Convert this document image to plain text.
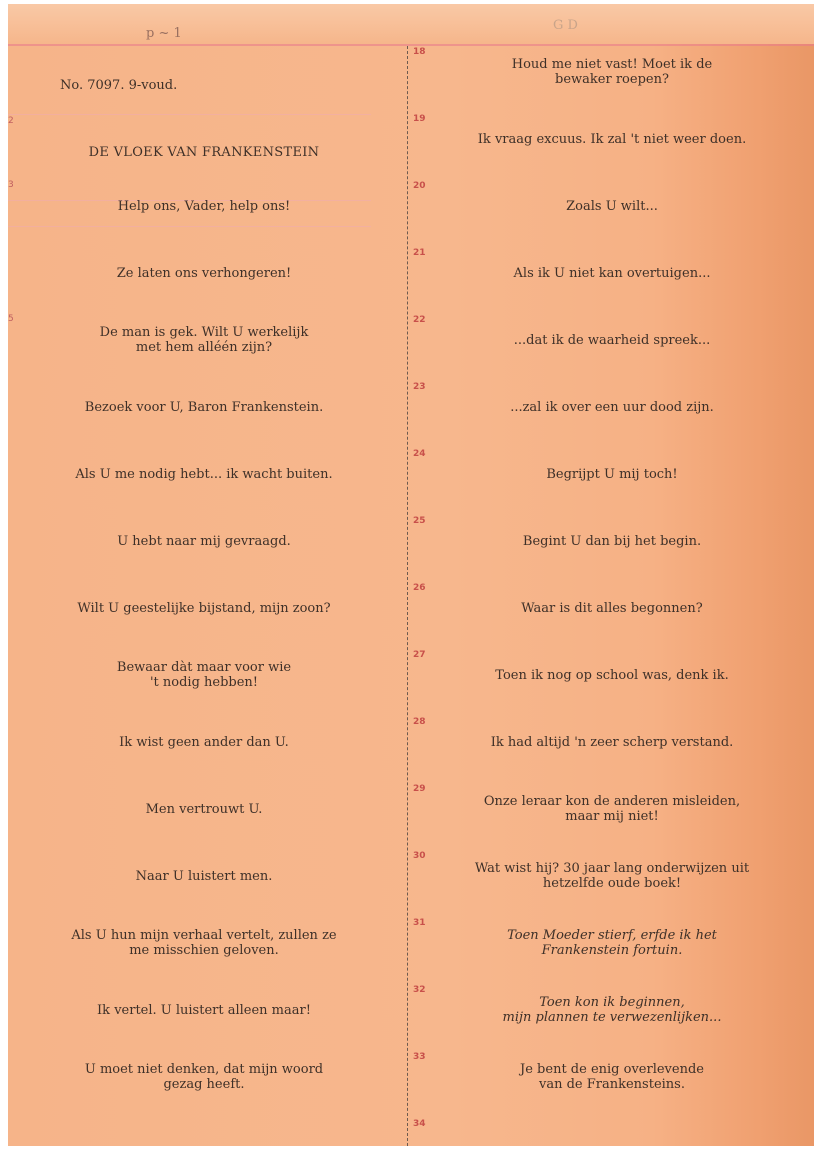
p ~ 1
G D
2
3
5
No. 7097. 9-voud.
DE VLOEK VAN FRANKENSTEIN
Help ons, Vader, help ons!
Ze laten ons verhongeren!
De man is gek. Wilt U werkelijk
met hem alléén zijn?
Bezoek voor U, Baron Frankenstein.
Als U me nodig hebt... ik wacht buiten.
U hebt naar mij gevraagd.
Wilt U geestelijke bijstand, mijn zoon?
Bewaar dàt maar voor wie
't nodig hebben!
Ik wist geen ander dan U.
Men vertrouwt U.
Naar U luistert men.
Als U hun mijn verhaal vertelt, zullen ze
me misschien geloven.
Ik vertel. U luistert alleen maar!
U moet niet denken, dat mijn woord
gezag heeft.
Houd me niet vast! Moet ik de
bewaker roepen?
Ik vraag excuus. Ik zal 't niet weer doen.
Zoals U wilt...
Als ik U niet kan overtuigen...
...dat ik de waarheid spreek...
...zal ik over een uur dood zijn.
Begrijpt U mij toch!
Begint U dan bij het begin.
Waar is dit alles begonnen?
Toen ik nog op school was, denk ik.
Ik had altijd 'n zeer scherp verstand.
Onze leraar kon de anderen misleiden,
maar mij niet!
Wat wist hij? 30 jaar lang onderwijzen uit
hetzelfde oude boek!
Toen Moeder stierf, erfde ik het
Frankenstein fortuin.
Toen kon ik beginnen,
mijn plannen te verwezenlijken...
Je bent de enig overlevende
van de Frankensteins.
18
19
20
21
22
23
24
25
26
27
28
29
30
31
32
33
34
